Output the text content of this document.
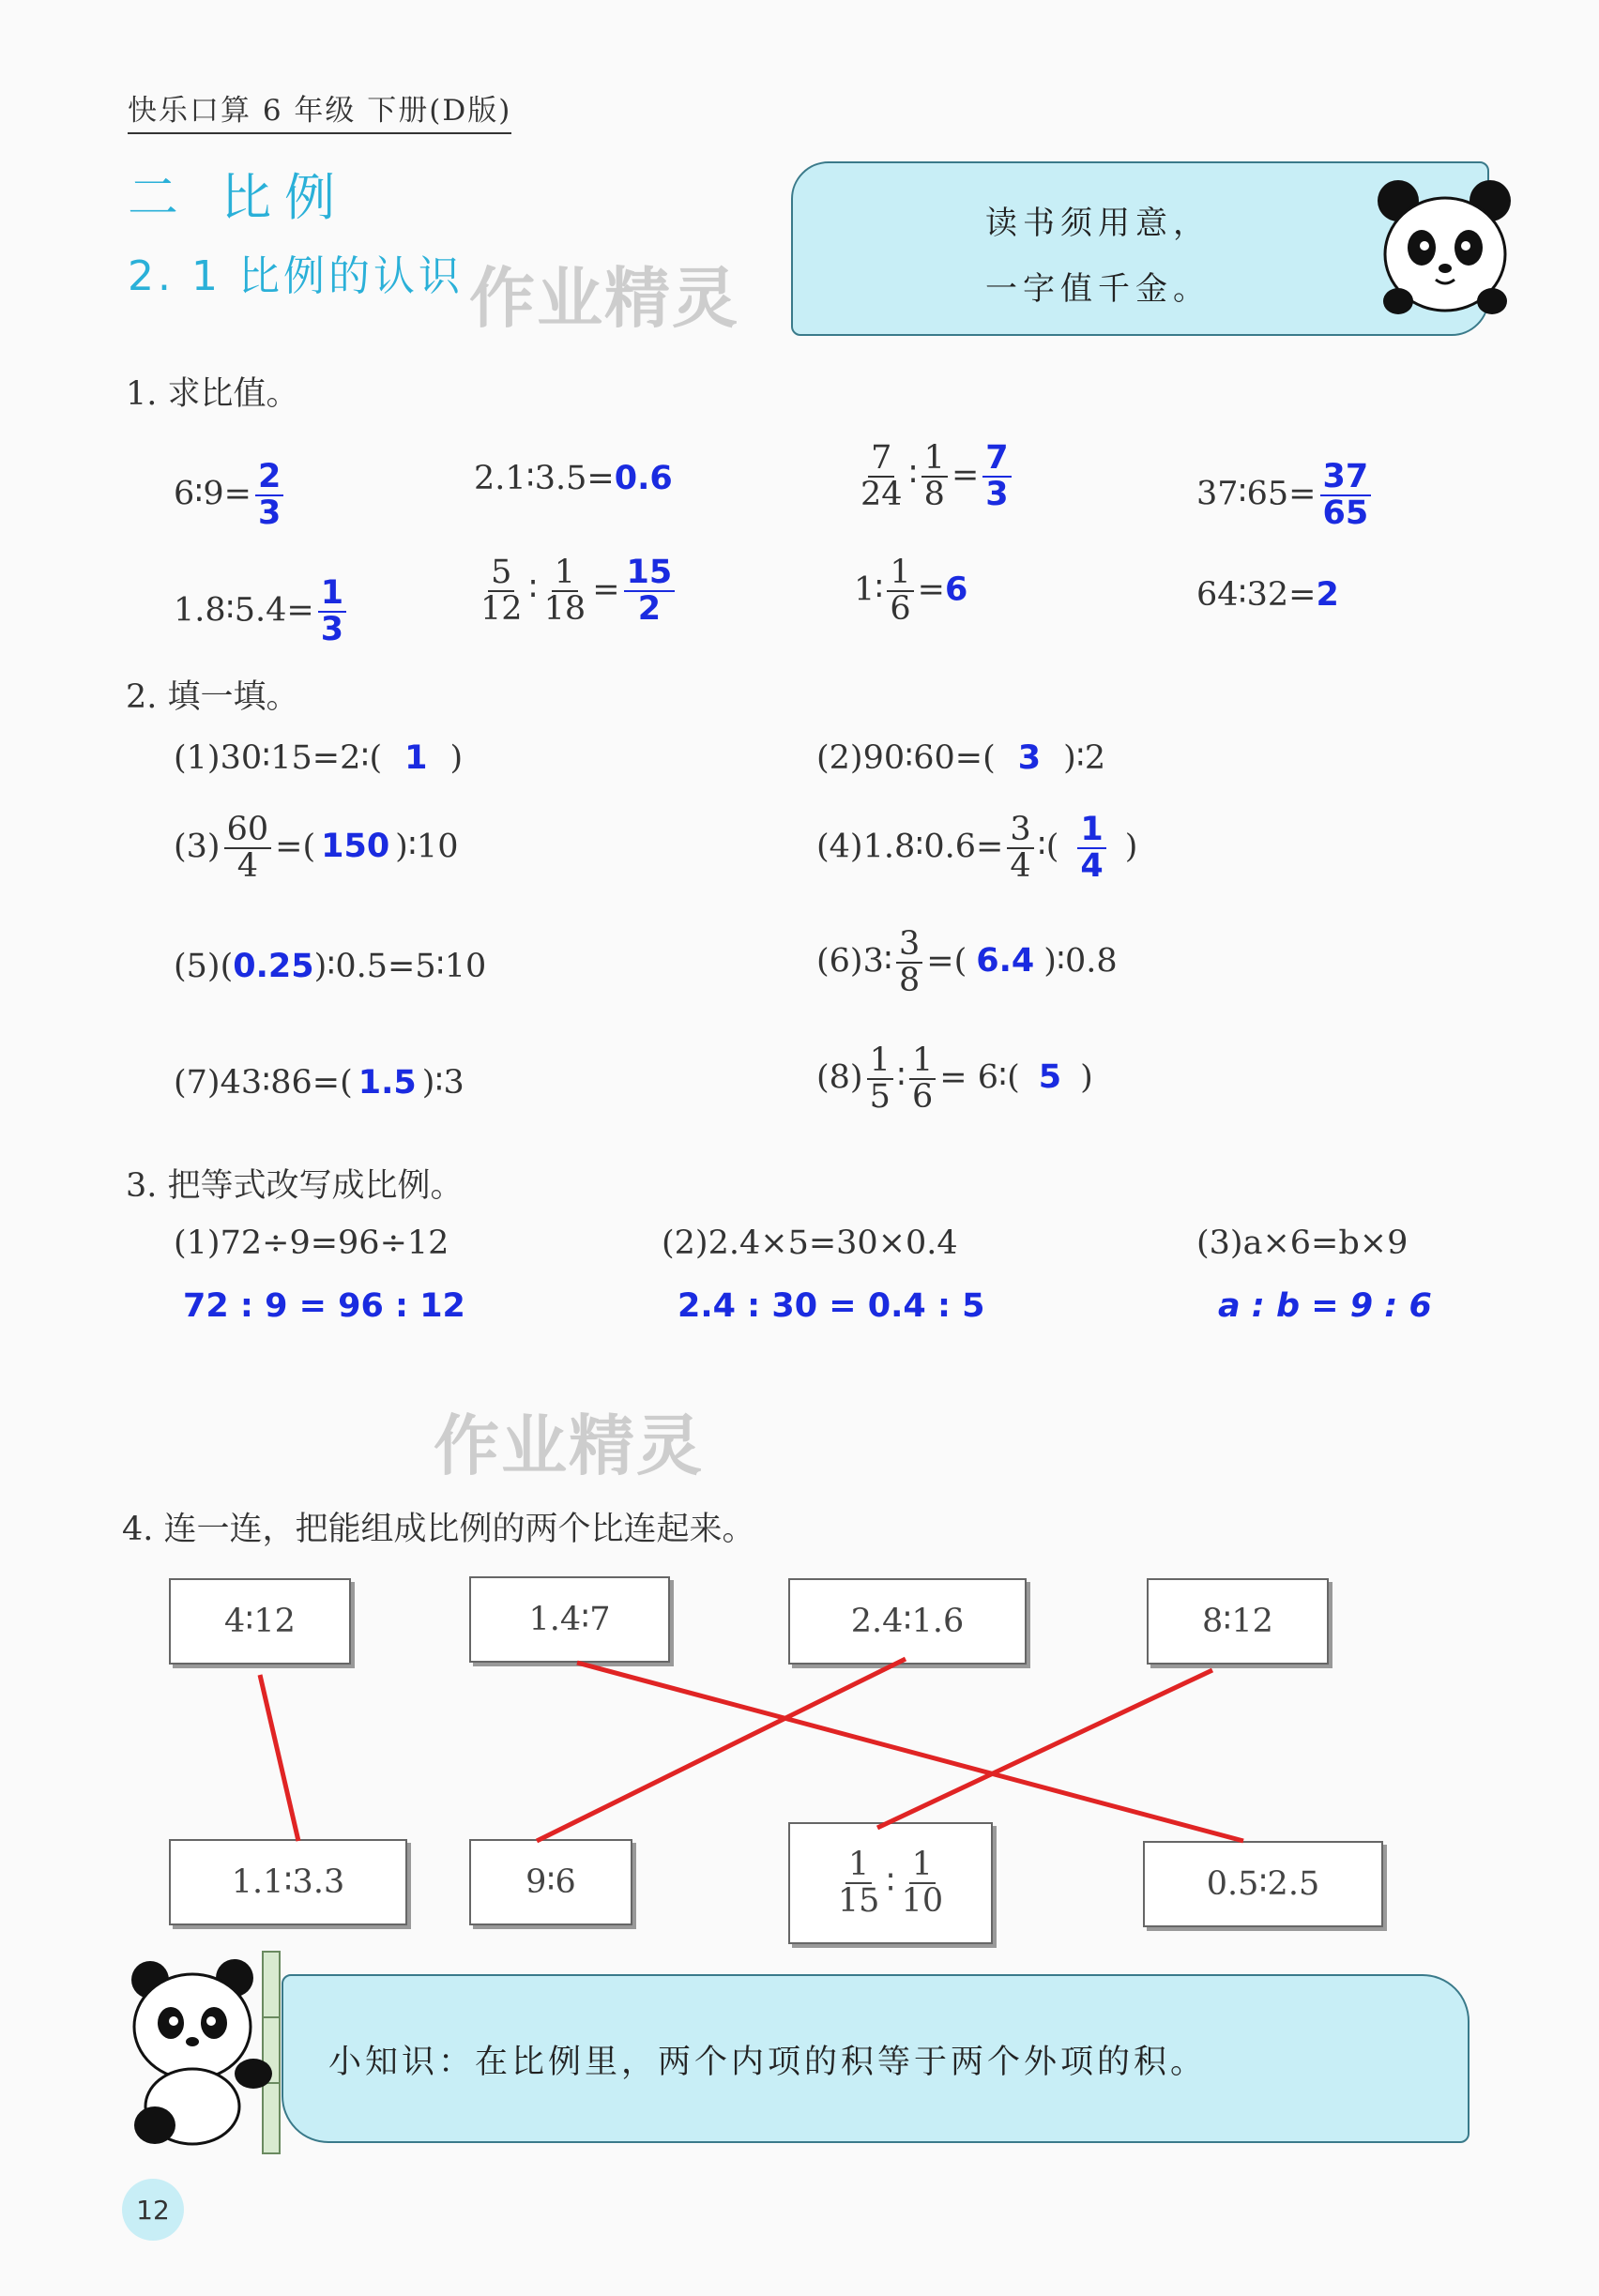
快乐口算 6 年级 下册(D版)
二 比例
2. 1 比例的认识 作业精灵
读书须用意，
一字值千金。
1. 求比值。
6∶9= $\frac{2}{3}$	2.1∶3.5=0.6	$\frac{7}{24}$ ∶ $\frac{1}{8} = \frac{7}{3}$	37∶65= $\frac{37}{65}$
1.8∶5.4= $\frac{1}{3}$	$\frac{5}{12}$ ∶ $\frac{1}{18} = \frac{15}{2}$	1∶ $\frac{1}{6} =6$	64∶32=2
2. 填一填。
(1)30∶15=2∶( 1 )	(2)90∶60=( 3 )∶2
$(3) \frac{60}{4}$ =( 150 )∶10	(4)1.8∶0.6= $\frac{3}{4}$ ∶( $\frac{1}{4}$ )
(5)(0.25)∶0.5=5∶10	(6)3∶ $\frac{3}{8}$ =( 6.4 )∶0.8
(7)43∶86=( 1.5 )∶3	$(8) \frac{1}{5}$ ∶ $\frac{1}{6}$ = 6∶( 5 )
3. 把等式改写成比例。
(1)72÷9=96÷12	(2)2.4×5=30×0.4	(3)a×6=b×9
72 : 9 = 96 : 12	2.4 : 30 = 0.4 : 5	a : b = 9 : 6
作业精灵
4. 连一连，把能组成比例的两个比连起来。
4∶12	1.4∶7	2.4∶1.6	8∶12
1.1∶3.3	9∶6	$\frac{1}{15}$ ∶ $\frac{1}{10}$	0.5∶2.5
小知识：在比例里，两个内项的积等于两个外项的积。
12
